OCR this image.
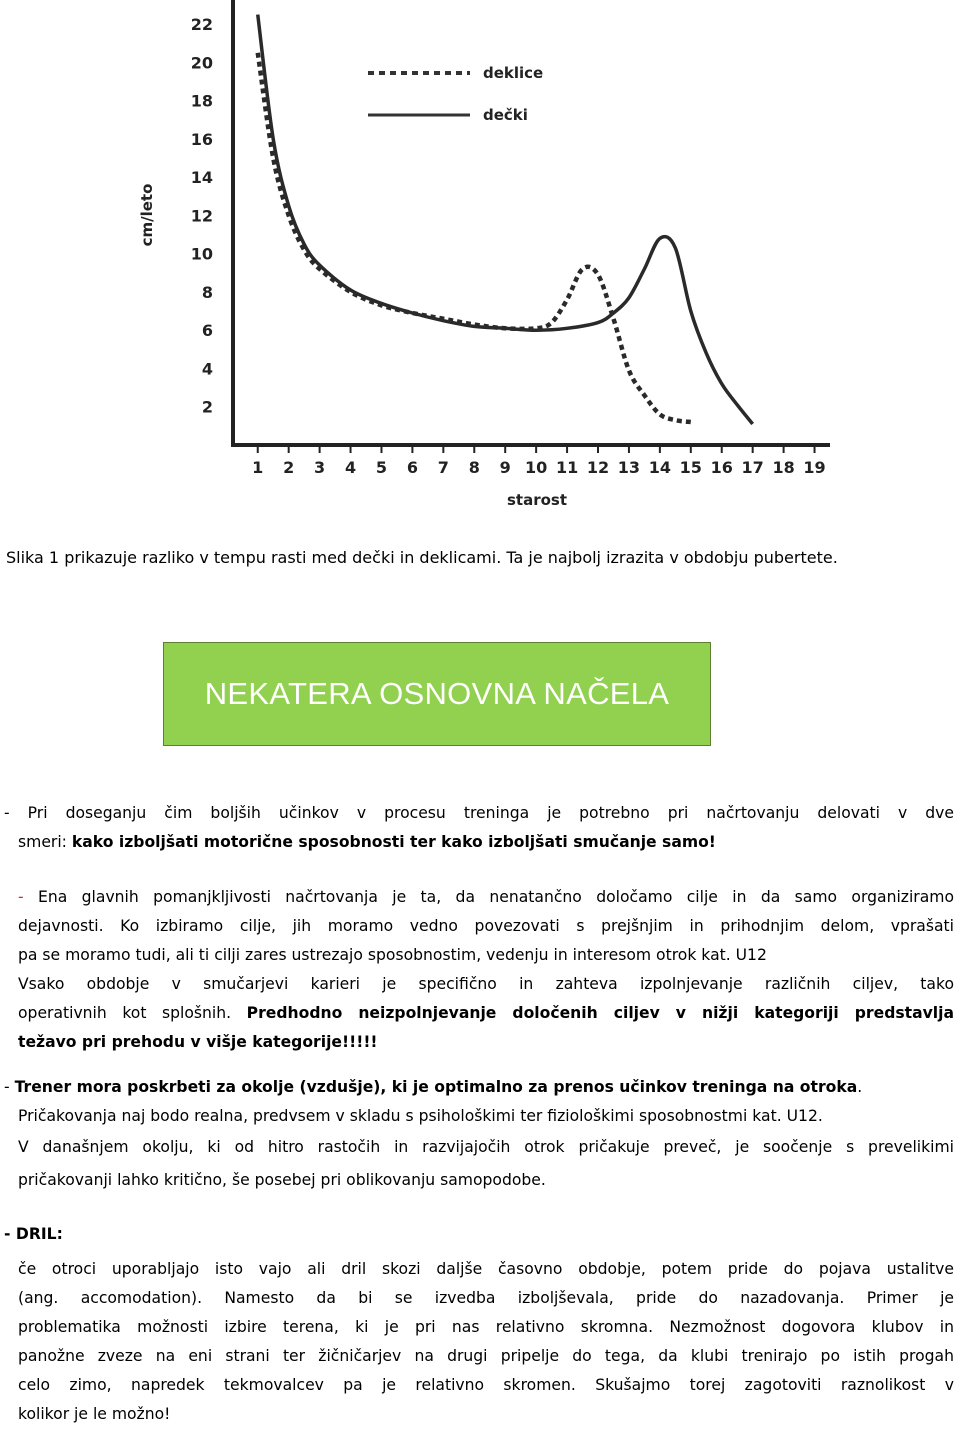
2
4
6
8
10
12
14
16
18
20
22
1 2 3 4 5 6 7 8 9 10 11 12 13 14 15 16 17 18 19
deklice
dečki
cm/leto
starost
Slika 1 prikazuje razliko v tempu rasti med dečki in deklicami. Ta je najbolj izrazita v obdobju pubertete.
NEKATERA OSNOVNA NAČELA
- Pri doseganju čim boljših učinkov v procesu treninga je potrebno pri načrtovanju delovati v dve
smeri: kako izboljšati motorične sposobnosti ter kako izboljšati smučanje samo!
- Ena glavnih pomanjkljivosti načrtovanja je ta, da nenatančno določamo cilje in da samo organiziramo
dejavnosti. Ko izbiramo cilje, jih moramo vedno povezovati s prejšnjim in prihodnjim delom, vprašati
pa se moramo tudi, ali ti cilji zares ustrezajo sposobnostim, vedenju in interesom otrok kat. U12
Vsako obdobje v smučarjevi karieri je specifično in zahteva izpolnjevanje različnih ciljev, tako
operativnih kot splošnih. Predhodno neizpolnjevanje določenih ciljev v nižji kategoriji predstavlja
težavo pri prehodu v višje kategorije!!!!!
- Trener mora poskrbeti za okolje (vzdušje), ki je optimalno za prenos učinkov treninga na otroka.
Pričakovanja naj bodo realna, predvsem v skladu s psihološkimi ter fiziološkimi sposobnostmi kat. U12.
V današnjem okolju, ki od hitro rastočih in razvijajočih otrok pričakuje preveč, je soočenje s prevelikimi
pričakovanji lahko kritično, še posebej pri oblikovanju samopodobe.
- DRIL:
če otroci uporabljajo isto vajo ali dril skozi daljše časovno obdobje, potem pride do pojava ustalitve
(ang. accomodation). Namesto da bi se izvedba izboljševala, pride do nazadovanja. Primer je
problematika možnosti izbire terena, ki je pri nas relativno skromna. Nezmožnost dogovora klubov in
panožne zveze na eni strani ter žičničarjev na drugi pripelje do tega, da klubi trenirajo po istih progah
celo zimo, napredek tekmovalcev pa je relativno skromen. Skušajmo torej zagotoviti raznolikost v
kolikor je le možno!
